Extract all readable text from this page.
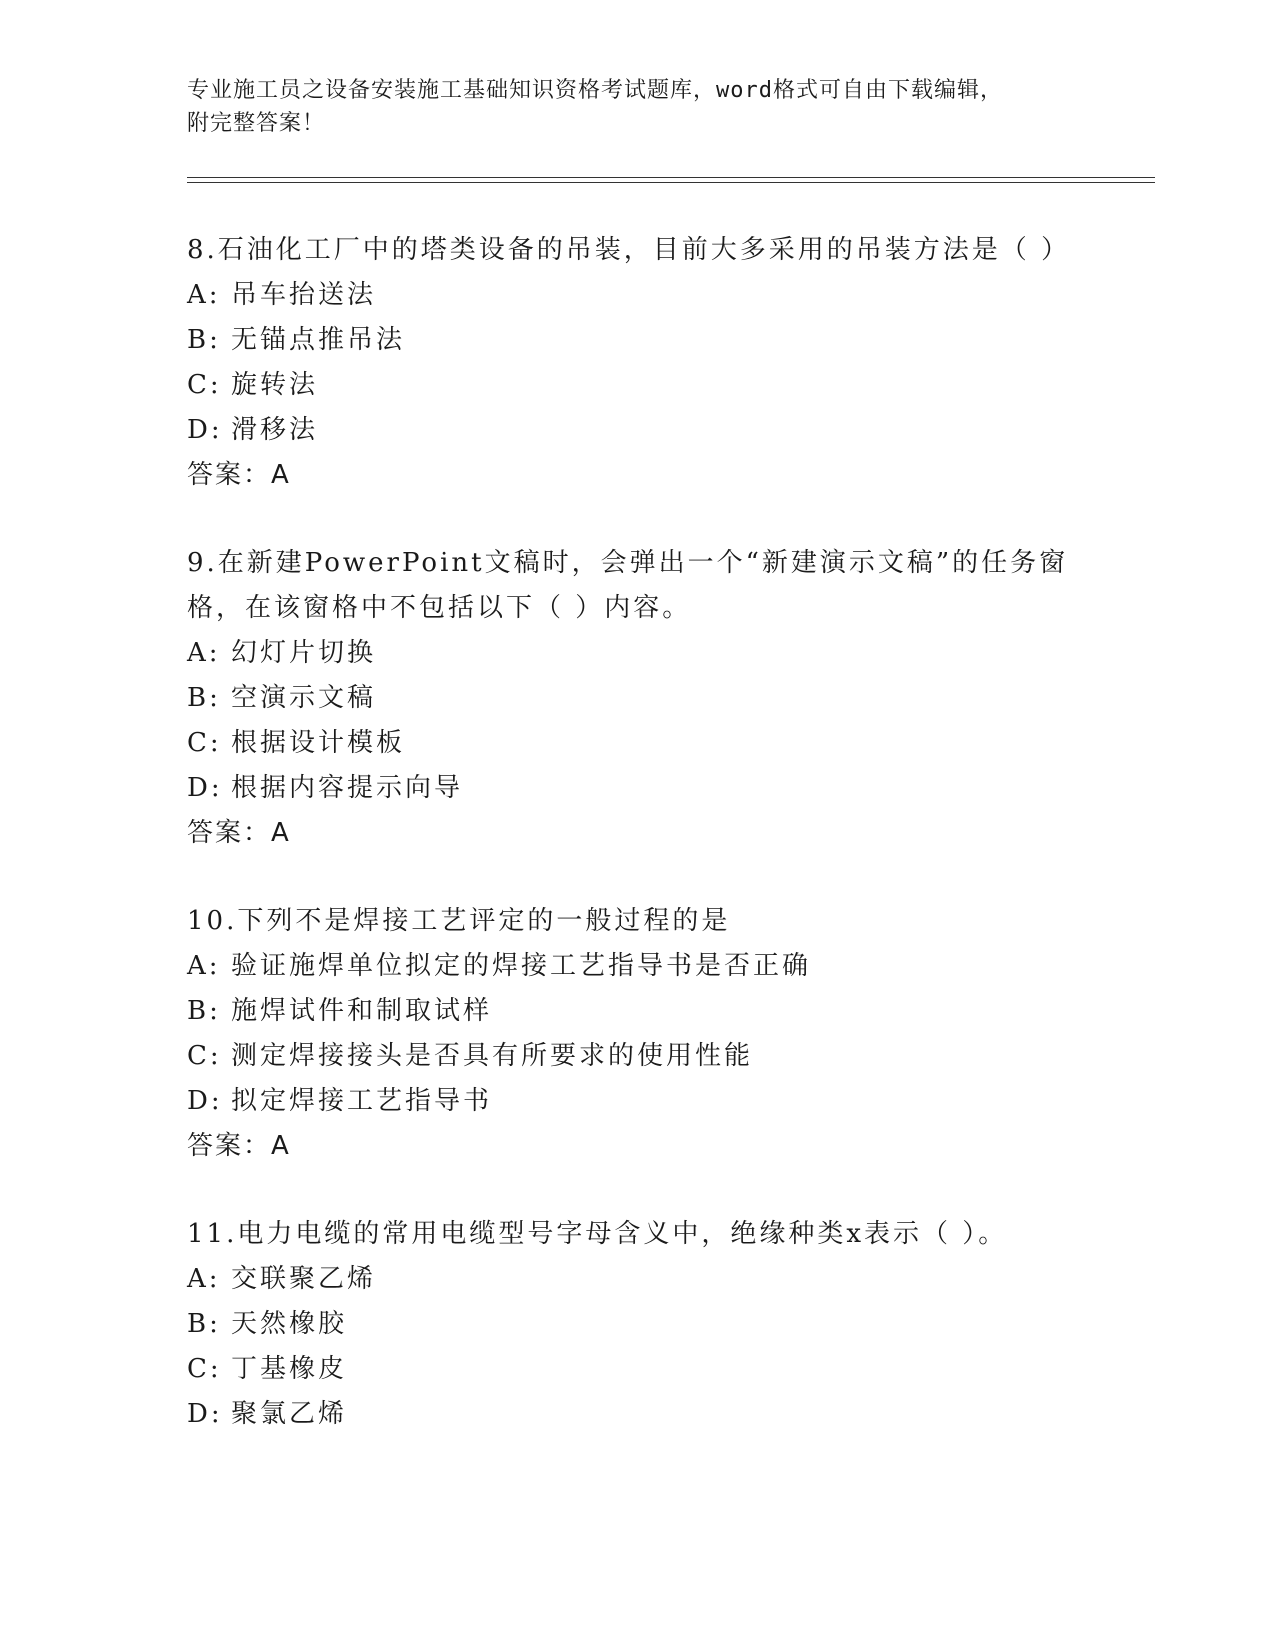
专业施工员之设备安装施工基础知识资格考试题库，word格式可自由下载编辑，
附完整答案！
8.石油化工厂中的塔类设备的吊装，目前大多采用的吊装方法是（ ）
A: 吊车抬送法
B: 无锚点推吊法
C: 旋转法
D: 滑移法
答案：A
9.在新建PowerPoint文稿时，会弹出一个“新建演示文稿”的任务窗
格，在该窗格中不包括以下（ ）内容。
A: 幻灯片切换
B: 空演示文稿
C: 根据设计模板
D: 根据内容提示向导
答案：A
10.下列不是焊接工艺评定的一般过程的是
A: 验证施焊单位拟定的焊接工艺指导书是否正确
B: 施焊试件和制取试样
C: 测定焊接接头是否具有所要求的使用性能
D: 拟定焊接工艺指导书
答案：A
11.电力电缆的常用电缆型号字母含义中，绝缘种类x表示（ ）。
A: 交联聚乙烯
B: 天然橡胶
C: 丁基橡皮
D: 聚氯乙烯
